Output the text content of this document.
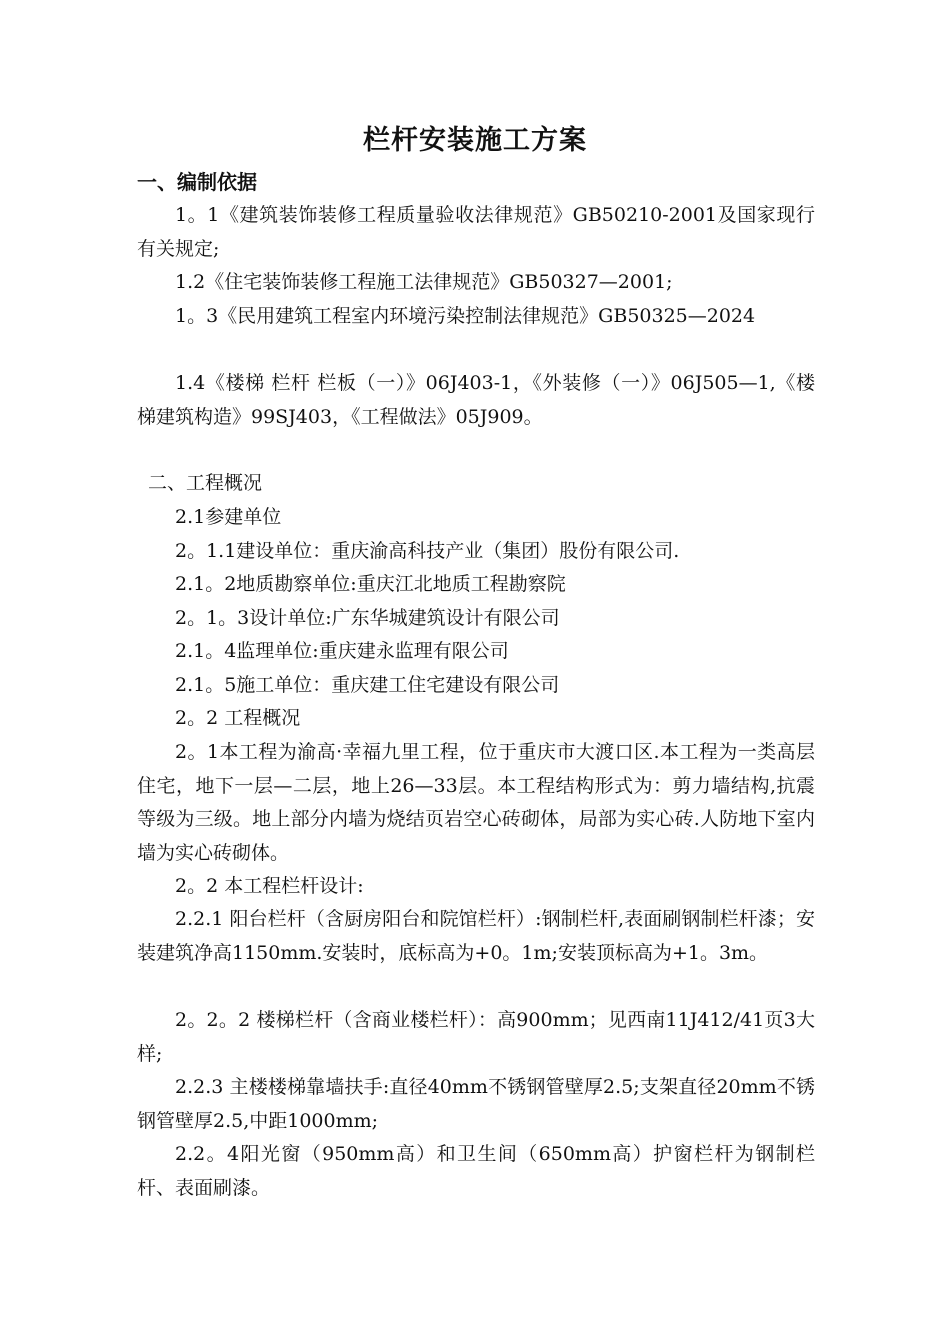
栏杆安装施工方案
一、编制依据
1。1《建筑装饰装修工程质量验收法律规范》GB50210-2001及国家现行有关规定;
1.2《住宅装饰装修工程施工法律规范》GB50327—2001;
1。3《民用建筑工程室内环境污染控制法律规范》GB50325—2024
1.4《楼梯 栏杆 栏板（一）》06J403-1，《外装修（一）》06J505—1,《楼梯建筑构造》99SJ403，《工程做法》05J909。
二、工程概况
2.1参建单位
2。1.1建设单位：重庆渝高科技产业（集团）股份有限公司.
2.1。2地质勘察单位:重庆江北地质工程勘察院
2。1。3设计单位:广东华城建筑设计有限公司
2.1。4监理单位:重庆建永监理有限公司
2.1。5施工单位：重庆建工住宅建设有限公司
2。2 工程概况
2。1本工程为渝高·幸福九里工程，位于重庆市大渡口区.本工程为一类高层住宅，地下一层—二层，地上26—33层。本工程结构形式为：剪力墙结构,抗震等级为三级。地上部分内墙为烧结页岩空心砖砌体，局部为实心砖.人防地下室内墙为实心砖砌体。
2。2 本工程栏杆设计:
2.2.1 阳台栏杆（含厨房阳台和院馆栏杆）:钢制栏杆,表面刷钢制栏杆漆；安装建筑净高1150mm.安装时，底标高为+0。1m;安装顶标高为+1。3m。
2。2。2 楼梯栏杆（含商业楼栏杆）：高900mm；见西南11J412/41页3大样;
2.2.3 主楼楼梯靠墙扶手:直径40mm不锈钢管壁厚2.5;支架直径20mm不锈钢管壁厚2.5,中距1000mm;
2.2。4阳光窗（950mm高）和卫生间（650mm高）护窗栏杆为钢制栏杆、表面刷漆。
